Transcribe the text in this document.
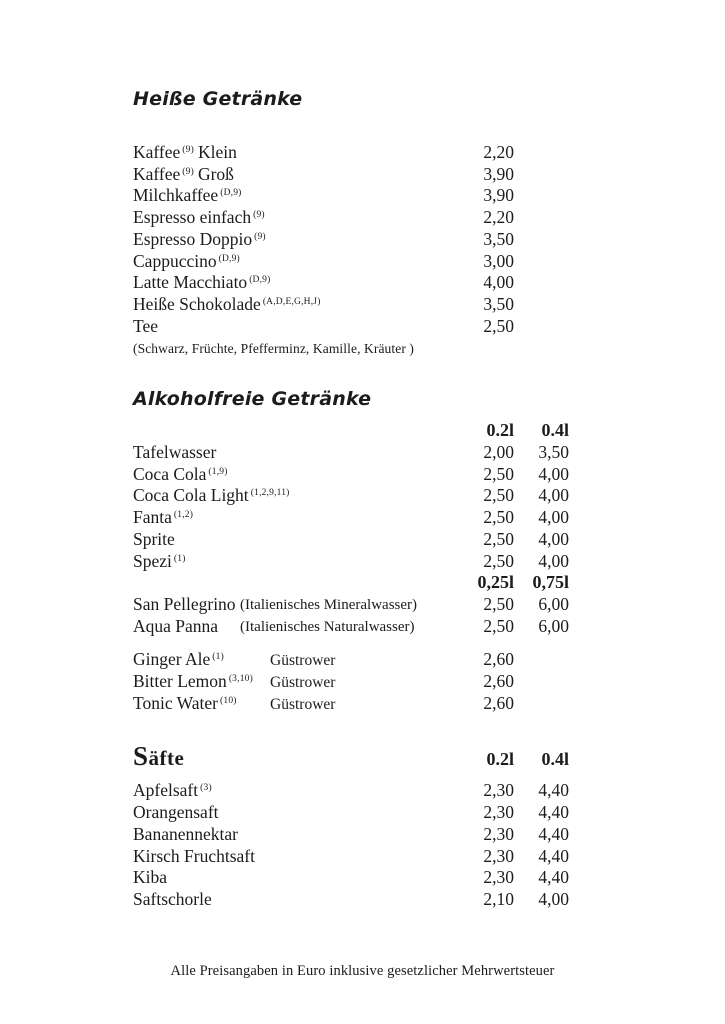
Heiße Getränke
Kaffee $^{(9)}$ Klein	2,20
Kaffee $^{(9)}$ Groß	3,90
Milchkaffee $^{(D,9)}$	3,90
Espresso einfach $^{(9)}$	2,20
Espresso Doppio $^{(9)}$	3,50
Cappuccino $^{(D,9)}$	3,00
Latte Macchiato $^{(D,9)}$	4,00
Heiße Schokolade $^{(A,D,E,G,H,J)}$	3,50
Tee	2,50
(Schwarz, Früchte, Pfefferminz, Kamille, Kräuter )
Alkoholfreie Getränke
0.2l	0.4l
Tafelwasser	2,00	3,50
Coca Cola $^{(1,9)}$	2,50	4,00
Coca Cola Light $^{(1,2,9,11)}$	2,50	4,00
Fanta $^{(1,2)}$	2,50	4,00
Sprite	2,50	4,00
Spezi $^{(1)}$	2,50	4,00
0,25l	0,75l
San Pellegrino (Italienisches Mineralwasser)	2,50	6,00
Aqua Panna (Italienisches Naturalwasser)	2,50	6,00
Ginger Ale $^{(1)}$	Güstrower	2,60
Bitter Lemon $^{(3,10)}$ Güstrower	2,60
Tonic Water $^{(10)}$ Güstrower	2,60
Säfte	0.2l	0.4l
Apfelsaft $^{(3)}$	2,30	4,40
Orangensaft	2,30	4,40
Bananennektar	2,30	4,40
Kirsch Fruchtsaft	2,30	4,40
Kiba	2,30	4,40
Saftschorle	2,10	4,00
Alle Preisangaben in Euro inklusive gesetzlicher Mehrwertsteuer
